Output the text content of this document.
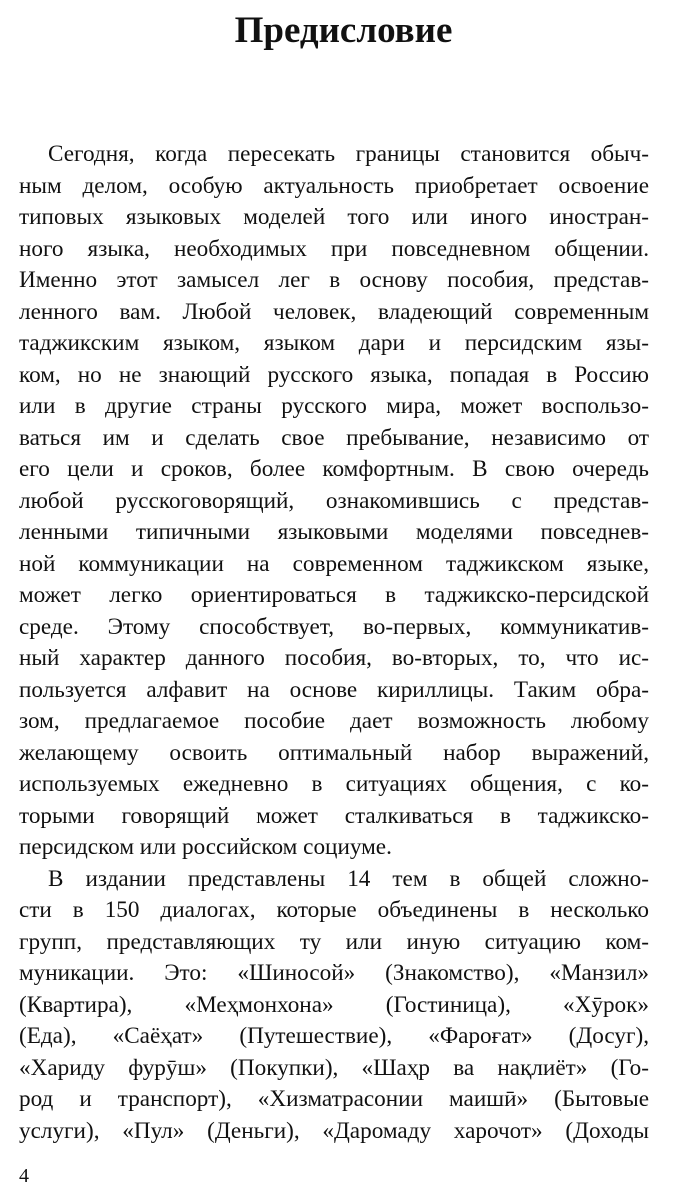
Предисловие
Сегодня, когда пересекать границы становится обыч-
ным делом, особую актуальность приобретает освоение
типовых языковых моделей того или иного иностран-
ного языка, необходимых при повседневном общении.
Именно этот замысел лег в основу пособия, представ-
ленного вам. Любой человек, владеющий современным
таджикским языком, языком дари и персидским язы-
ком, но не знающий русского языка, попадая в Россию
или в другие страны русского мира, может воспользо-
ваться им и сделать свое пребывание, независимо от
его цели и сроков, более комфортным. В свою очередь
любой русскоговорящий, ознакомившись с представ-
ленными типичными языковыми моделями повседнев-
ной коммуникации на современном таджикском языке,
может легко ориентироваться в таджикско-персидской
среде. Этому способствует, во-первых, коммуникатив-
ный характер данного пособия, во-вторых, то, что ис-
пользуется алфавит на основе кириллицы. Таким обра-
зом, предлагаемое пособие дает возможность любому
желающему освоить оптимальный набор выражений,
используемых ежедневно в ситуациях общения, с ко-
торыми говорящий может сталкиваться в таджикско-
персидском или российском социуме.
В издании представлены 14 тем в общей сложно-
сти в 150 диалогах, которые объединены в несколько
групп, представляющих ту или иную ситуацию ком-
муникации. Это: «Шиносой» (Знакомство), «Манзил»
(Квартира), «Меҳмонхона» (Гостиница), «Хӯрок»
(Еда), «Саёҳат» (Путешествие), «Фароғат» (Досуг),
«Хариду фурӯш» (Покупки), «Шаҳр ва нақлиёт» (Го-
род и транспорт), «Хизматрасонии маишӣ» (Бытовые
услуги), «Пул» (Деньги), «Даромаду харочот» (Доходы
4
